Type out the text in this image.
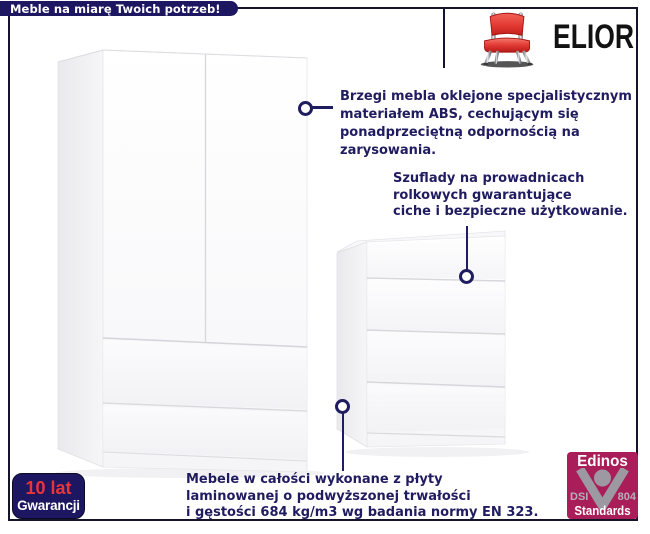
Meble na miarę Twoich potrzeb!
ELIOR
Brzegi mebla oklejone specjalistycznym
materiałem ABS, cechującym się
ponadprzeciętną odpornością na
zarysowania.
Szuflady na prowadnicach
rolkowych gwarantujące
ciche i bezpieczne użytkowanie.
Mebele w całości wykonane z płyty
laminowanej o podwyższonej trwałości
i gęstości 684 kg/m3 wg badania normy EN 323.
10 lat
Gwarancji
Edinos
DSI	804
Standards
